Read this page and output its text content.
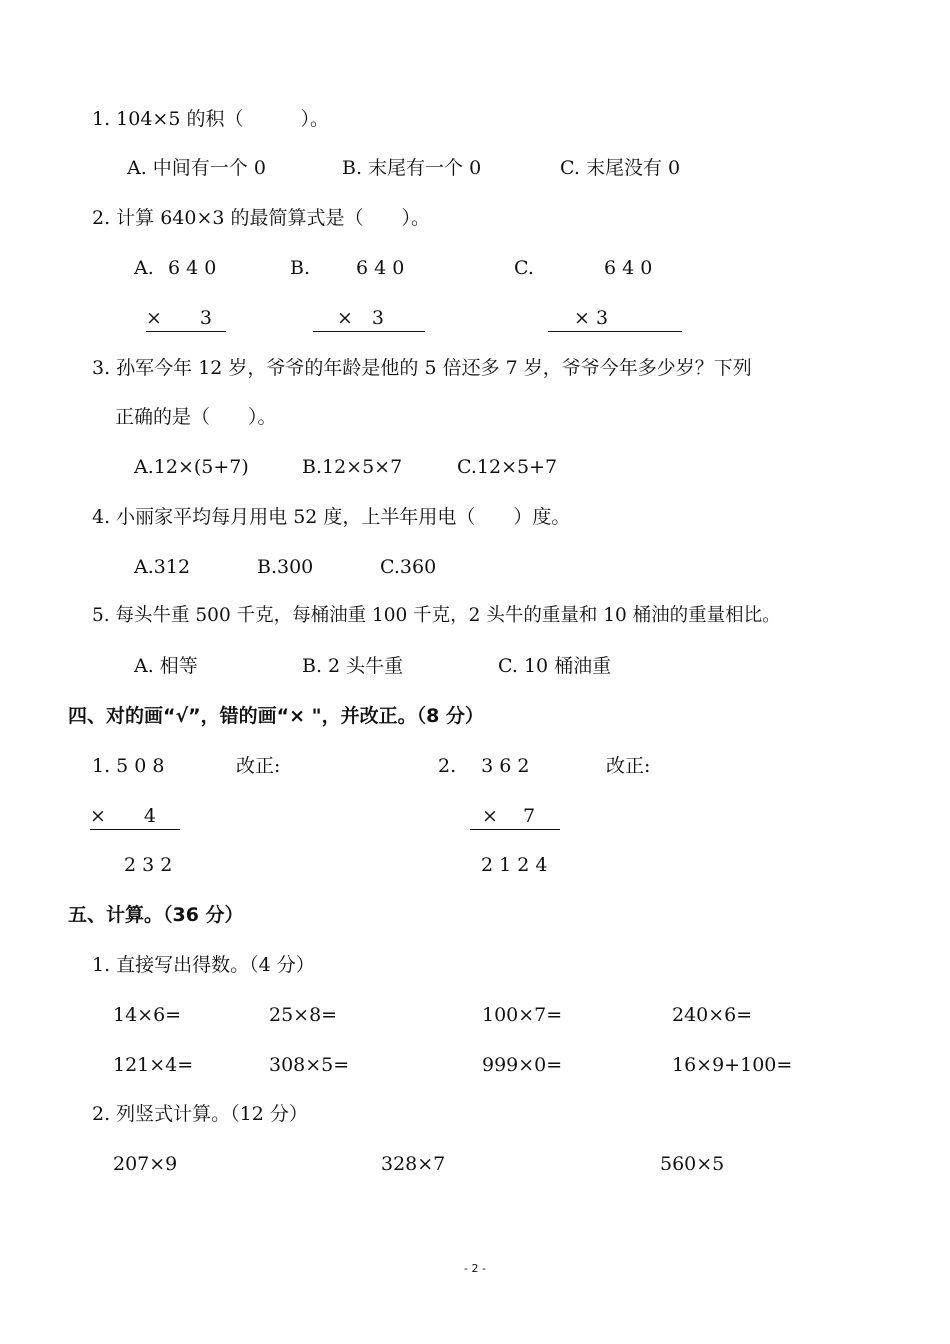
1. 104×5 的积（　　　）。
A. 中间有一个 0	B. 末尾有一个 0	C. 末尾没有 0
2. 计算 640×3 的最简算式是（　　）。
A. 6 4 0	B. 6 4 0	C.	6 4 0
×　　3	×　3	× 3
3. 孙军今年 12 岁，爷爷的年龄是他的 5 倍还多 7 岁，爷爷今年多少岁？下列
正确的是（　　）。
A.12×(5+7)	B.12×5×7	C.12×5+7
4. 小丽家平均每月用电 52 度，上半年用电（　　）度。
A.312	B.300	C.360
5. 每头牛重 500 千克，每桶油重 100 千克，2 头牛的重量和 10 桶油的重量相比。
A. 相等	B. 2 头牛重	C. 10 桶油重
四、对的画“√”，错的画“× "，并改正。（8 分）
1. 5 0 8	改正:	2.　 3 6 2	改正:
×　　4	×　 7
2 3 2	2 1 2 4
五、计算。（36 分）
1. 直接写出得数。（4 分）
14×6=	25×8=	100×7=	240×6=
121×4=	308×5=	999×0=	16×9+100=
2. 列竖式计算。（12 分）
207×9	328×7	560×5
- 2 -
